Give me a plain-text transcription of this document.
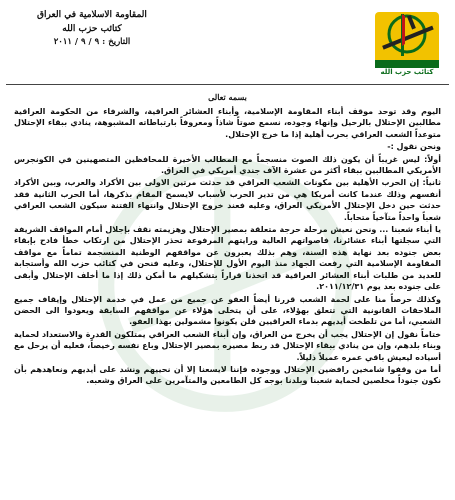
المقاومة الاسلامية في العراق
كتائب حزب الله
التاريخ : ٩ / ٩ / ٢٠١١
كتائب حزب الله
بسمه تعالى

اليوم وقد توحد موقف أبناء المقاومة الإسلامية، وأبناء العشائر العراقية، والشرفاء من الحكومة العراقية مطالبين الإحتلال بالرحيل وإنهاء وجوده، نسمع صوتاً شاذاً ومعروفاً بارتباطاته المشبوهة، ينادي ببقاء الإحتلال متوعداً الشعب العراقي بحرب أهلية إذا ما خرج الإحتلال.

ونحن نقول :-

أولاً: ليس غريباً أن يكون ذلك الصوت منسجماً مع المطالب الأخيرة للمحافظين المتصهينين في الكونجرس الأمريكي المطالبين ببقاء أكثر من عشرة الآف جندي أمريكي في العراق.

ثانياً: إن الحرب الأهلية بين مكونات الشعب العراقي قد حدثت مرتين الاولى بين الأكراد والعرب، وبين الأكراد أنفسهم وذلك عندما كانت أمريكا هي من تدير الحرب لأسباب لايسمح المقام بذكرها، أما الحرب الثانية فقد حدثت حين دخل الإحتلال الأمريكي العراق، وعليه فعند خروج الإحتلال وانتهاء الفتنة سيكون الشعب العراقي شعباً واحداً متآخياً متحاباً.

يا أبناء شعبنا ... ونحن نعيش مرحلة حرجة متعلقة بمصير الإحتلال وهزيمته نقف بإجلال أمام المواقف الشريفة التي سجلتها أبناء عشائرنا، فاصواتهم العالية ورايتهم المرفوعة تحذر الإحتلال من ارتكاب خطأ فادح بإبقاء بعض جنوده بعد نهاية هذه السنة، وهم بذلك يعبرون عن مواقفهم الوطنية المنسجمة تماماً مع مواقف المقاومة الإسلامية التي رفعت الجهاد منذ اليوم الأول للإحتلال، وعليه فنحن في كتائب حزب الله وأستجابة للعديد من طلبات أبناء العشائر العراقية قد اتخذنا قراراً بتشكيلهم ما أمكن ذلك إذا ما أخلف الإحتلال وأبقى على جنوده بعد يوم ٢٠١١/١٢/٣١.

وكذلك حرصاً منا على لحمة الشعب قررنا أيضاً العفو عن جميع من عمل في خدمة الإحتلال وإيقاف جميع الملاحقات القانونية التي تتعلق بهؤلاء، على أن يتخلى هؤلاء عن مواقفهم السابقة ويعودوا الى الحضن الشعبي، أما من تلطخت أيديهم بدماء العراقيين فلن يكونوا مشمولين بهذا العفو.

ختاماً نقول إن الإحتلال يجب أن يخرج من العراق، وإن أبناء الشعب العراقي يمتلكون القدرة والاستعداد لحماية وبناء بلدهم، وإن من ينادي ببقاء الإحتلال قد ربط مصيره بمصير الإحتلال وباع نفسه رخيصاً، فعليه أن يرحل مع أسياده ليعيش باقي عمره عميلاً ذليلاً.

أما من وقفوا شامخين رافضين الإحتلال ووجوده فإننا لايسعنا إلا أن نحييهم ونشد على أيديهم ونعاهدهم بأن نكون جنوداً مخلصين لحماية شعبنا وبلدنا بوجه كل الطامعين والمتآمرين على العراق وشعبه.
